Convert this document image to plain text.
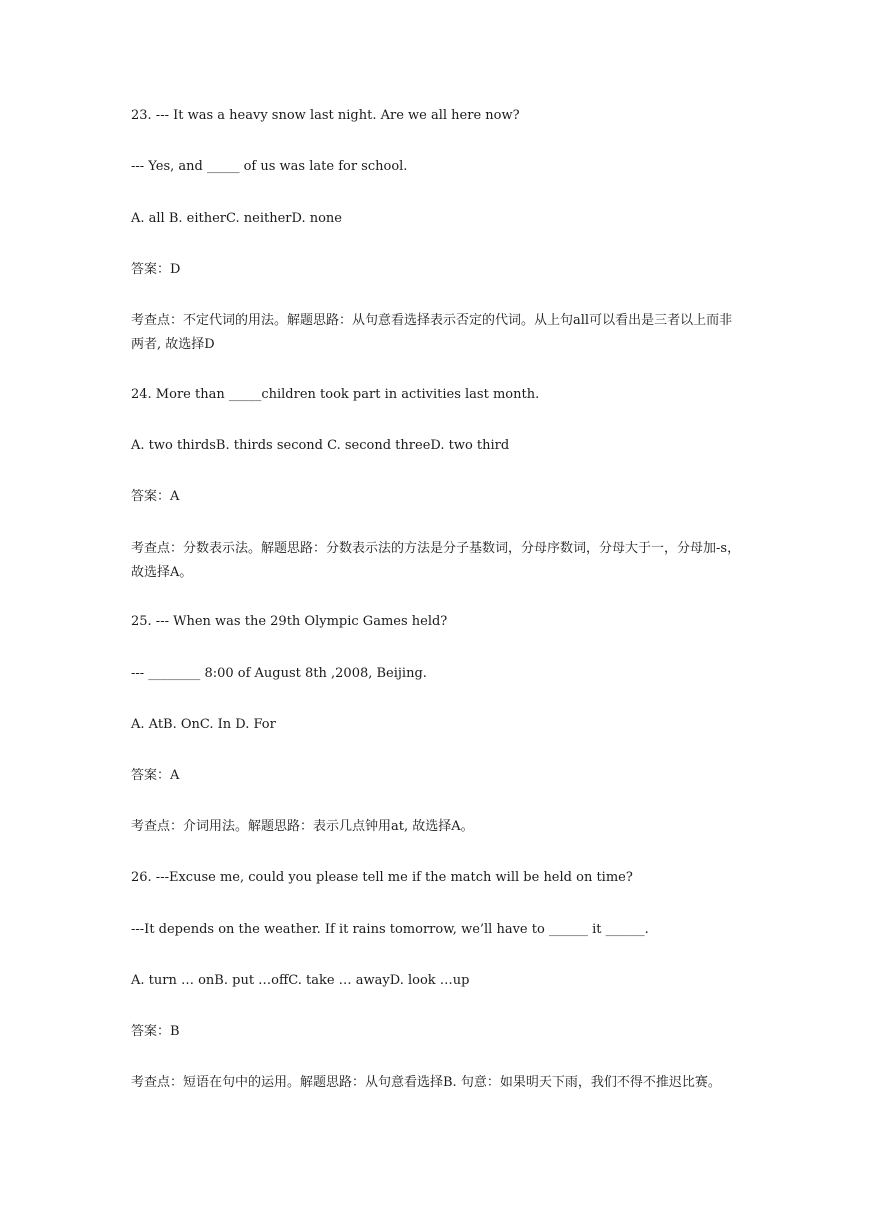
23. --- It was a heavy snow last night. Are we all here now?

--- Yes, and _____ of us was late for school.

A. all B. eitherC. neitherD. none

答案：D

考查点：不定代词的用法。解题思路：从句意看选择表示否定的代词。从上句all可以看出是三者以上而非两者, 故选择D

24. More than _____children took part in activities last month.

A. two thirdsB. thirds second C. second threeD. two third

答案：A

考查点：分数表示法。解题思路：分数表示法的方法是分子基数词，分母序数词，分母大于一，分母加-s，故选择A。

25. --- When was the 29th Olympic Games held?

--- ________ 8:00 of August 8th ,2008, Beijing.

A. AtB. OnC. In D. For

答案：A

考查点：介词用法。解题思路：表示几点钟用at, 故选择A。

26. ---Excuse me, could you please tell me if the match will be held on time?

---It depends on the weather. If it rains tomorrow, we’ll have to ______ it ______.

A. turn … onB. put …offC. take … awayD. look …up

答案：B

考查点：短语在句中的运用。解题思路：从句意看选择B. 句意：如果明天下雨，我们不得不推迟比赛。
